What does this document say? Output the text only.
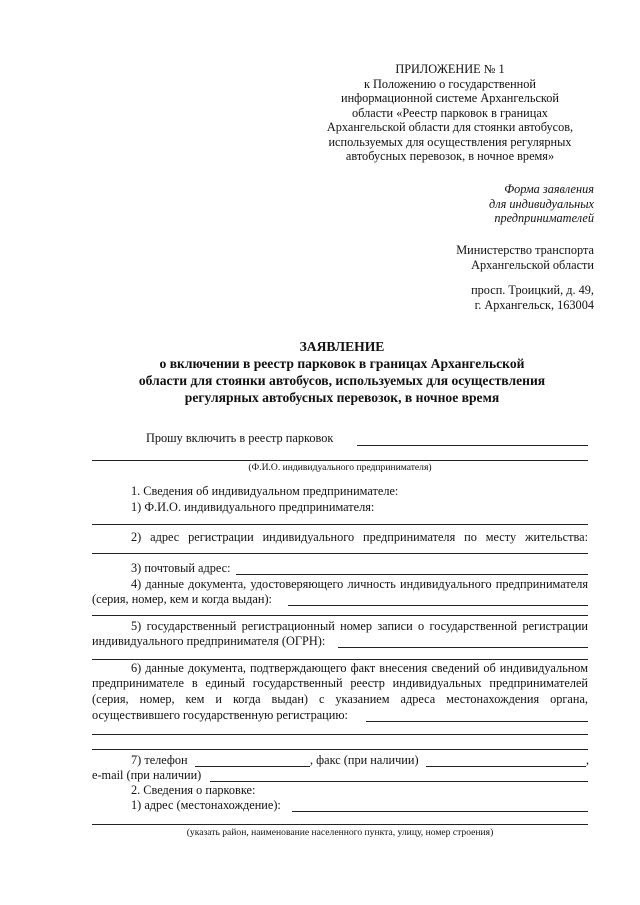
ПРИЛОЖЕНИЕ № 1
к Положению о государственной
информационной системе Архангельской
области «Реестр парковок в границах
Архангельской области для стоянки автобусов,
используемых для осуществления регулярных
автобусных перевозок, в ночное время»
Форма заявления
для индивидуальных
предпринимателей
Министерство транспорта
Архангельской области
просп. Троицкий, д. 49,
г. Архангельск, 163004
ЗАЯВЛЕНИЕ
о включении в реестр парковок в границах Архангельской
области для стоянки автобусов, используемых для осуществления
регулярных автобусных перевозок, в ночное время
Прошу включить в реестр парковок
(Ф.И.О. индивидуального предпринимателя)
1. Сведения об индивидуальном предпринимателе:
1) Ф.И.О. индивидуального предпринимателя:
2) адрес регистрации индивидуального предпринимателя по месту жительства:
3) почтовый адрес:
4) данные документа, удостоверяющего личность индивидуального предпринимателя
(серия, номер, кем и когда выдан):
5) государственный регистрационный номер записи о государственной регистрации
индивидуального предпринимателя (ОГРН):
6) данные документа, подтверждающего факт внесения сведений об индивидуальном
предпринимателе в единый государственный реестр индивидуальных предпринимателей
(серия, номер, кем и когда выдан) с указанием адреса местонахождения органа,
осуществившего государственную регистрацию:
7) телефон	, факс (при наличии)	,
e-mail (при наличии)
2. Сведения о парковке:
1) адрес (местонахождение):
(указать район, наименование населенного пункта, улицу, номер строения)
